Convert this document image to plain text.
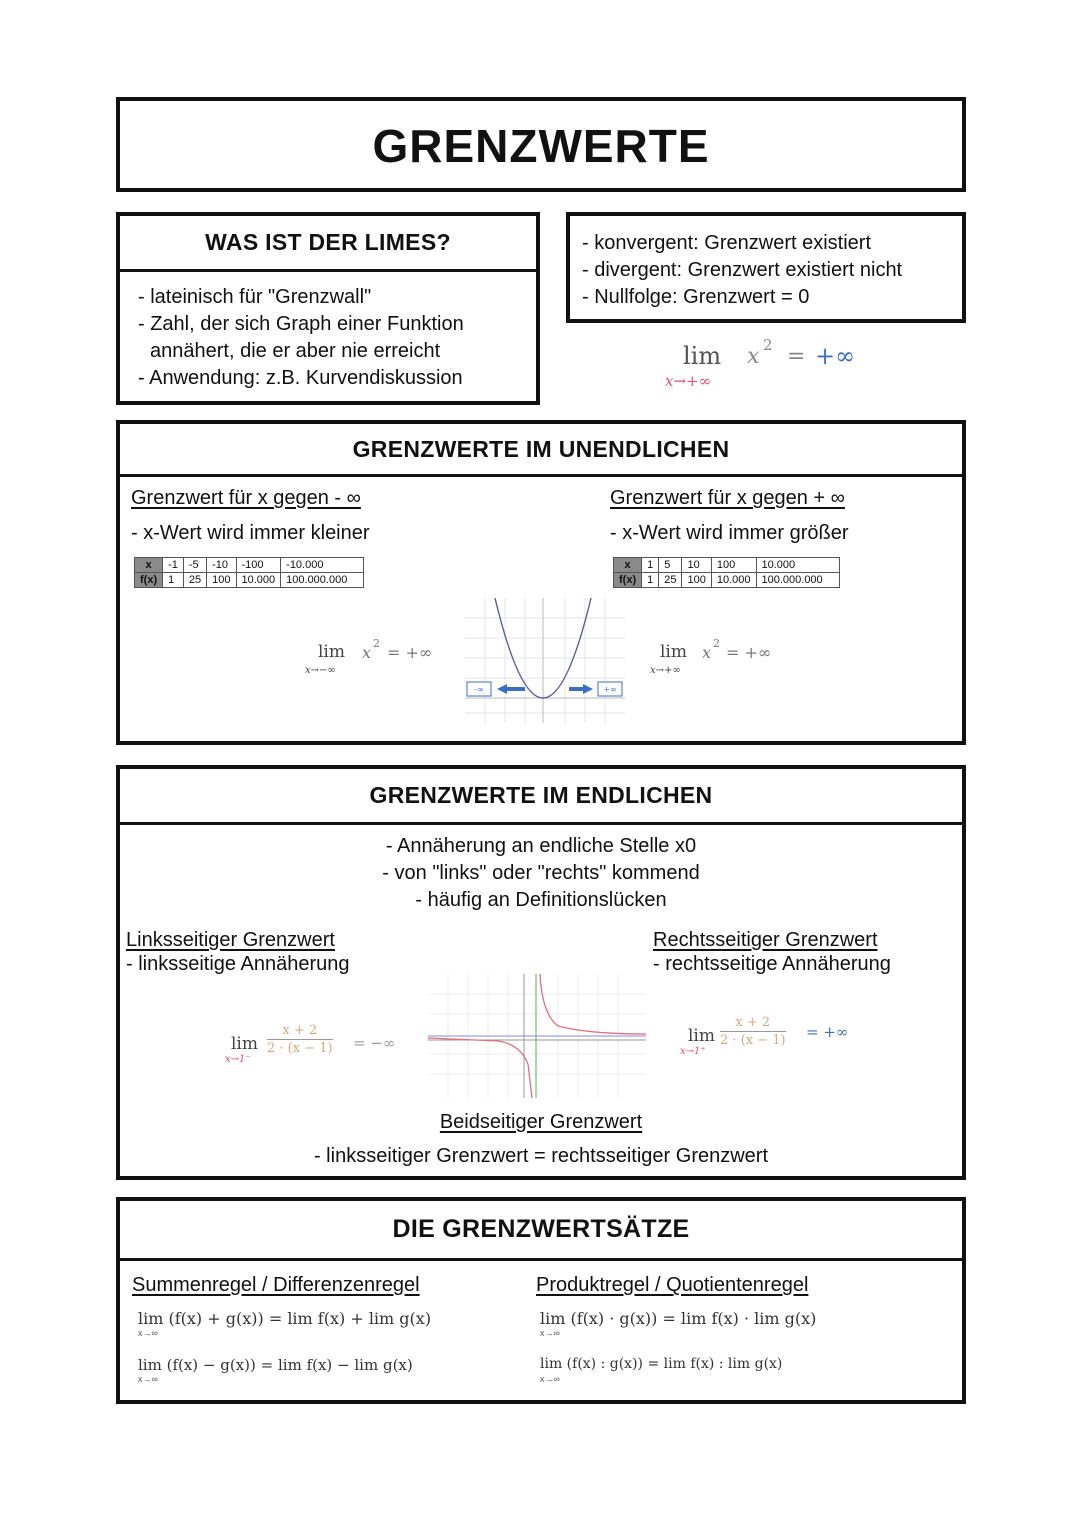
GRENZWERTE
WAS IST DER LIMES?
- lateinisch für "Grenzwall"
- Zahl, der sich Graph einer Funktion
annähert, die er aber nie erreicht
- Anwendung: z.B. Kurvendiskussion
- konvergent: Grenzwert existiert
- divergent: Grenzwert existiert nicht
- Nullfolge: Grenzwert = 0
lim x 2 = +∞
x→+∞
GRENZWERTE IM UNENDLICHEN
Grenzwert für x gegen - ∞
- x-Wert wird immer kleiner
x	-1	-5	-10	-100	-10.000
f(x)	1	25	100	10.000	100.000.000
Grenzwert für x gegen + ∞
- x-Wert wird immer größer
x	1	5	10	100	10.000
f(x)	1	25	100	10.000	100.000.000
lim x 2 = +∞
x→−∞
-∞	+∞
lim x 2 = +∞
x→+∞
GRENZWERTE IM ENDLICHEN
- Annäherung an endliche Stelle x0
- von "links" oder "rechts" kommend
- häufig an Definitionslücken
Linksseitiger Grenzwert
- linksseitige Annäherung
Rechtsseitiger Grenzwert
- rechtsseitige Annäherung
lim
x→1⁻
$\frac{x + 2}{2 \cdot (x - 1)}$ = −∞	lim
x→1⁺
$\frac{x + 2}{2 \cdot (x - 1)}$ = +∞
Beidseitiger Grenzwert
- linksseitiger Grenzwert = rechtsseitiger Grenzwert
DIE GRENZWERTSÄTZE
Summenregel / Differenzenregel
lim (f(x) + g(x)) = lim f(x) + lim g(x)
x→∞
lim (f(x) − g(x)) = lim f(x) − lim g(x)
x→∞
Produktregel / Quotientenregel
lim (f(x) · g(x)) = lim f(x) · lim g(x)
x→∞
lim (f(x) : g(x)) = lim f(x) : lim g(x)
x→∞
